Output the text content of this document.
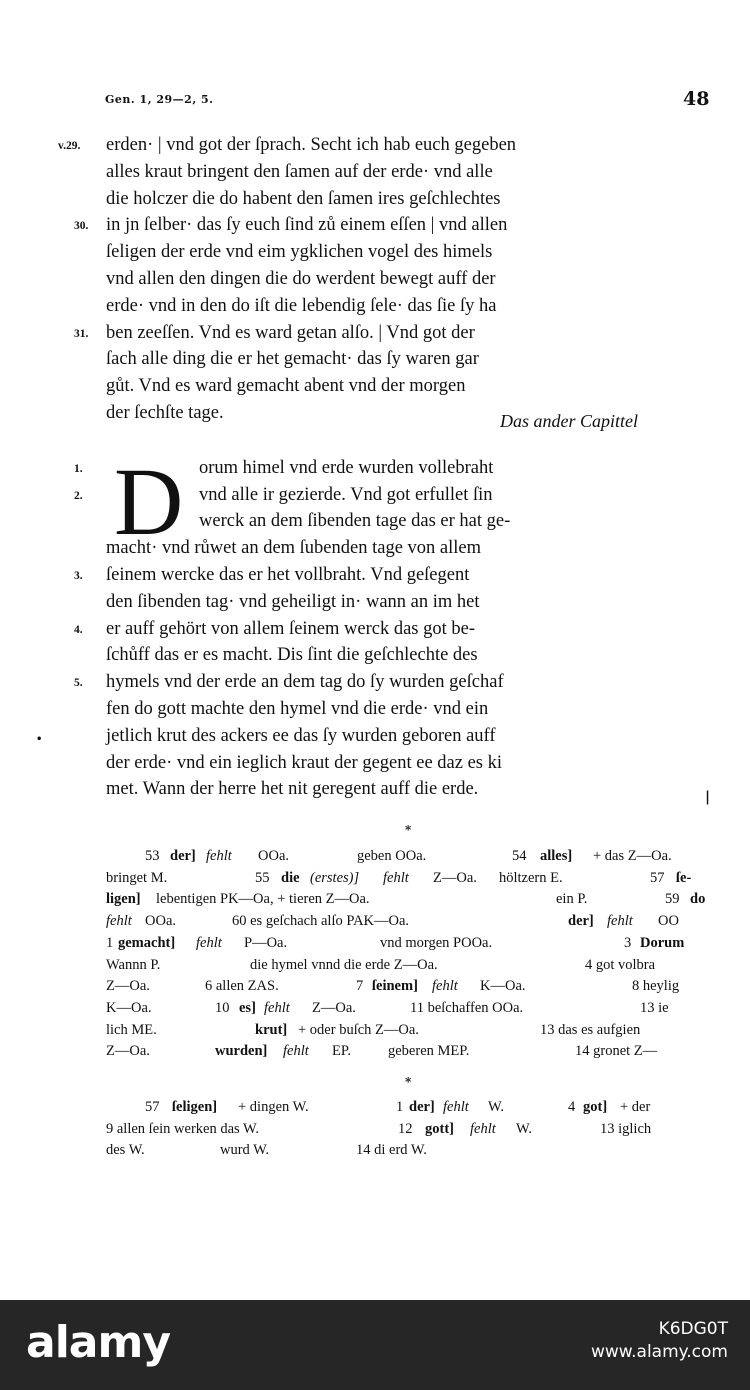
Gen. 1, 29—2, 5.	48
v.29.
30.
31.
1.
2.
3.
4.
5.
erden· | vnd got der ſprach. Secht ich hab euch gegeben
alles kraut bringent den ſamen auf der erde· vnd alle
die holczer die do habent den ſamen ires geſchlechtes
in jn ſelber· das ſy euch ſind zů einem eſſen | vnd allen
ſeligen der erde vnd eim ygklichen vogel des himels
vnd allen den dingen die do werdent bewegt auff der
erde· vnd in den do iſt die lebendig ſele· das ſie ſy ha
ben zeeſſen. Vnd es ward getan alſo. | Vnd got der
ſach alle ding die er het gemacht· das ſy waren gar
gůt. Vnd es ward gemacht abent vnd der morgen
der ſechſte tage.
orum himel vnd erde wurden vollebraht
vnd alle ir gezierde. Vnd got erfullet ſin
werck an dem ſibenden tage das er hat ge-
macht· vnd růwet an dem ſubenden tage von allem
ſeinem wercke das er het vollbraht. Vnd geſegent
den ſibenden tag· vnd geheiligt in· wann an im het
er auff gehört von allem ſeinem werck das got be-
ſchůff das er es macht. Dis ſint die geſchlechte des
hymels vnd der erde an dem tag do ſy wurden geſchaf
fen do gott machte den hymel vnd die erde· vnd ein
jetlich krut des ackers ee das ſy wurden geboren auff
der erde· vnd ein ieglich kraut der gegent ee daz es ki
met. Wann der herre het nit geregent auff die erde.
D
Das ander Capittel
|
•
*
53 der] fehlt OOa.	geben OOa.	54 alles] + das Z—Oa.
bringet M.	55 die (erstes)] fehlt Z—Oa. höltzern E.	57 ſe-
ligen] lebentigen PK—Oa, + tieren Z—Oa.	ein P.	59 do
fehlt OOa.	60 es geſchach alſo PAK—Oa.	der] fehlt OO
1 gemacht] fehlt P—Oa.	vnd morgen POOa.	3 Dorum
Wannn P.	die hymel vnnd die erde Z—Oa.	4 got volbra
Z—Oa.	6 allen ZAS.	7 ſeinem] fehlt K—Oa.	8 heylig
K—Oa.	10 es] fehlt Z—Oa.	11 beſchaffen OOa.	13 ie
lich ME.	krut] + oder buſch Z—Oa.	13 das es aufgien
Z—Oa.	wurden] fehlt EP.	geberen MEP.	14 gronet Z—
*
57 ſeligen] + dingen W.	1 der] fehlt W.	4 got] + der
9 allen ſein werken das W.	12 gott] fehlt W.	13 iglich
des W.	wurd W.	14 di erd W.
alamy	K6DG0T
www.alamy.com
